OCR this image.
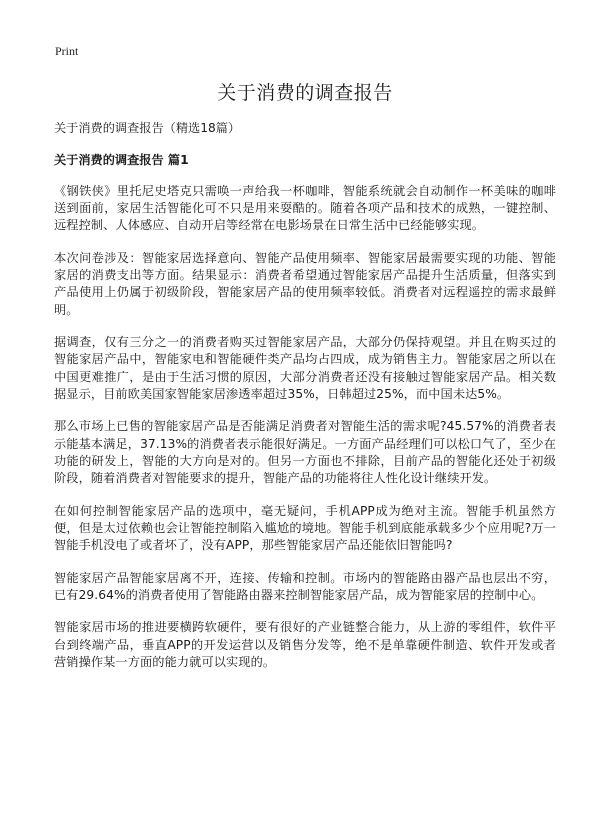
Print
关于消费的调查报告
关于消费的调查报告（精选18篇）
关于消费的调查报告 篇1

《钢铁侠》里托尼史塔克只需唤一声给我一杯咖啡，智能系统就会自动制作一杯美味的咖啡送到面前，家居生活智能化可不只是用来耍酷的。随着各项产品和技术的成熟，一键控制、远程控制、人体感应、自动开启等经常在电影场景在日常生活中已经能够实现。

本次问卷涉及：智能家居选择意向、智能产品使用频率、智能家居最需要实现的功能、智能家居的消费支出等方面。结果显示：消费者希望通过智能家居产品提升生活质量，但落实到产品使用上仍属于初级阶段，智能家居产品的使用频率较低。消费者对远程遥控的需求最鲜明。

据调查，仅有三分之一的消费者购买过智能家居产品，大部分仍保持观望。并且在购买过的智能家居产品中，智能家电和智能硬件类产品均占四成，成为销售主力。智能家居之所以在中国更难推广，是由于生活习惯的原因，大部分消费者还没有接触过智能家居产品。相关数据显示，目前欧美国家智能家居渗透率超过35%，日韩超过25%，而中国未达5%。

那么市场上已售的智能家居产品是否能满足消费者对智能生活的需求呢?45.57%的消费者表示能基本满足，37.13%的消费者表示能很好满足。一方面产品经理们可以松口气了，至少在功能的研发上，智能的大方向是对的。但另一方面也不排除，目前产品的智能化还处于初级阶段，随着消费者对智能要求的提升，智能产品的功能将往人性化设计继续开发。

在如何控制智能家居产品的选项中，毫无疑问，手机APP成为绝对主流。智能手机虽然方便，但是太过依赖也会让智能控制陷入尴尬的境地。智能手机到底能承载多少个应用呢?万一智能手机没电了或者坏了，没有APP，那些智能家居产品还能依旧智能吗?

智能家居产品智能家居离不开，连接、传输和控制。市场内的智能路由器产品也层出不穷，已有29.64%的消费者使用了智能路由器来控制智能家居产品，成为智能家居的控制中心。

智能家居市场的推进要横跨软硬件，要有很好的产业链整合能力，从上游的零组件，软件平台到终端产品，垂直APP的开发运营以及销售分发等，绝不是单靠硬件制造、软件开发或者营销操作某一方面的能力就可以实现的。
